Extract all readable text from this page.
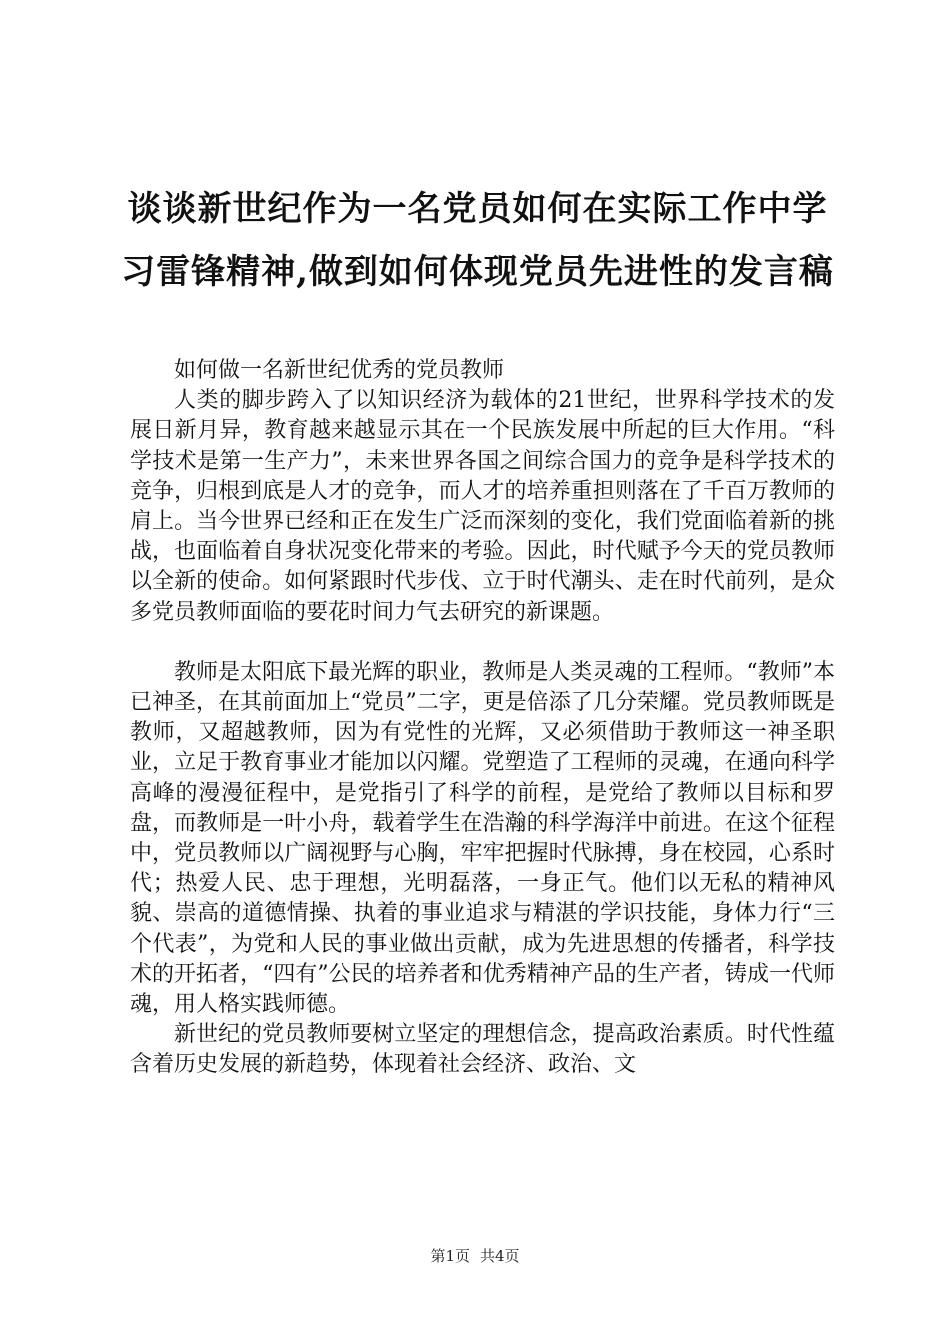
谈谈新世纪作为一名党员如何在实际工作中学习雷锋精神,做到如何体现党员先进性的发言稿

如何做一名新世纪优秀的党员教师

人类的脚步跨入了以知识经济为载体的21世纪，世界科学技术的发展日新月异，教育越来越显示其在一个民族发展中所起的巨大作用。“科学技术是第一生产力”，未来世界各国之间综合国力的竞争是科学技术的竞争，归根到底是人才的竞争，而人才的培养重担则落在了千百万教师的肩上。当今世界已经和正在发生广泛而深刻的变化，我们党面临着新的挑战，也面临着自身状况变化带来的考验。因此，时代赋予今天的党员教师以全新的使命。如何紧跟时代步伐、立于时代潮头、走在时代前列，是众多党员教师面临的要花时间力气去研究的新课题。

教师是太阳底下最光辉的职业，教师是人类灵魂的工程师。“教师”本已神圣，在其前面加上“党员”二字，更是倍添了几分荣耀。党员教师既是教师，又超越教师，因为有党性的光辉，又必须借助于教师这一神圣职业，立足于教育事业才能加以闪耀。党塑造了工程师的灵魂，在通向科学高峰的漫漫征程中，是党指引了科学的前程，是党给了教师以目标和罗盘，而教师是一叶小舟，载着学生在浩瀚的科学海洋中前进。在这个征程中，党员教师以广阔视野与心胸，牢牢把握时代脉搏，身在校园，心系时代；热爱人民、忠于理想，光明磊落，一身正气。他们以无私的精神风貌、崇高的道德情操、执着的事业追求与精湛的学识技能，身体力行“三个代表”，为党和人民的事业做出贡献，成为先进思想的传播者，科学技术的开拓者，“四有”公民的培养者和优秀精神产品的生产者，铸成一代师魂，用人格实践师德。

新世纪的党员教师要树立坚定的理想信念，提高政治素质。时代性蕴含着历史发展的新趋势，体现着社会经济、政治、文

第1页 共4页
